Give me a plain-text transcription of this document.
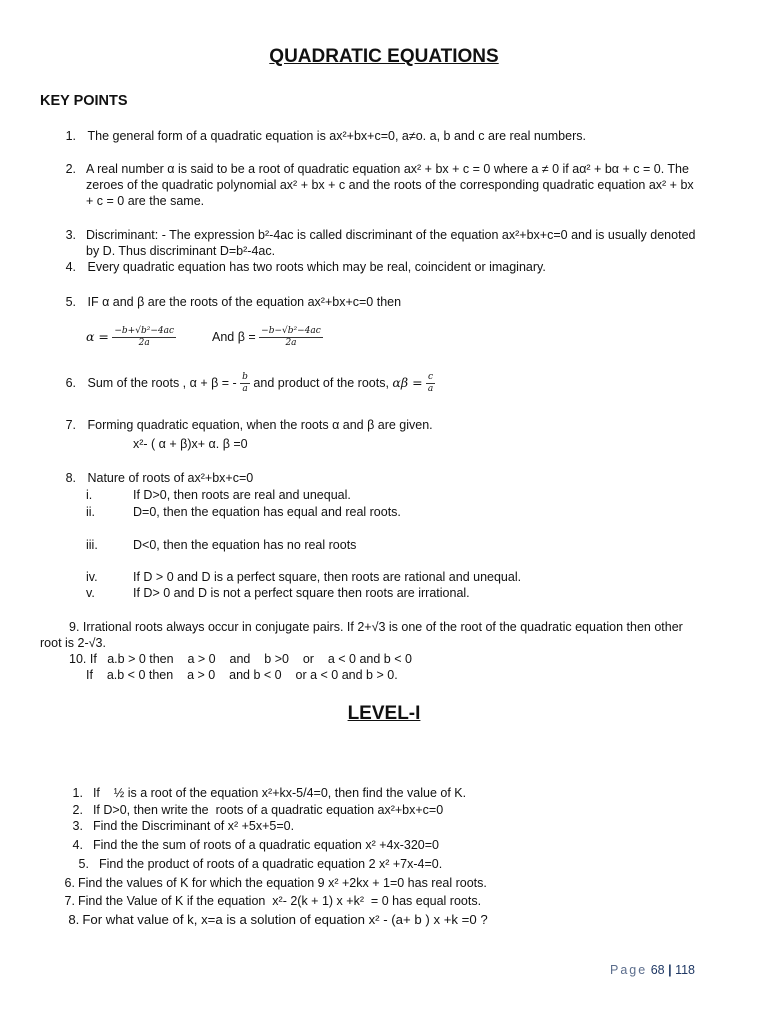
QUADRATIC EQUATIONS
KEY POINTS
1. The general form of a quadratic equation is ax²+bx+c=0, a≠o. a, b and c are real numbers.
2. A real number α is said to be a root of quadratic equation ax² + bx + c = 0 where a ≠ 0 if aα² + bα + c = 0. The
zeroes of the quadratic polynomial ax² + bx + c and the roots of the corresponding quadratic equation ax² + bx
+ c = 0 are the same.
3. Discriminant: - The expression b²-4ac is called discriminant of the equation ax²+bx+c=0 and is usually denoted
by D. Thus discriminant D=b²-4ac.
4. Every quadratic equation has two roots which may be real, coincident or imaginary.
5. IF α and β are the roots of the equation ax²+bx+c=0 then
$\alpha = \frac{\text{−b+√b²−4ac}}{2a}$	And $\beta = \frac{\text{−b−√b²−4ac}}{2a}$
6. Sum of the roots , α + β = - $\frac{b}{a}$ and product of the roots, $\alpha\beta = \frac{c}{a}$
7. Forming quadratic equation, when the roots α and β are given.
x²- ( α + β)x+ α. β =0
8. Nature of roots of ax²+bx+c=0
i.	If D>0, then roots are real and unequal.
ii.	D=0, then the equation has equal and real roots.
iii.	D<0, then the equation has no real roots
iv.	If D > 0 and D is a perfect square, then roots are rational and unequal.
v.	If D> 0 and D is not a perfect square then roots are irrational.
9. Irrational roots always occur in conjugate pairs. If 2+√3 is one of the root of the quadratic equation then other
root is 2-√3.
10. If   a.b > 0 then    a > 0    and    b >0    or    a < 0 and b < 0
If    a.b < 0 then    a > 0    and b < 0    or a < 0 and b > 0.
LEVEL-I

1. If    ½ is a root of the equation x²+kx-5/4=0, then find the value of K.

2. If D>0, then write the  roots of a quadratic equation ax²+bx+c=0

3. Find the Discriminant of x² +5x+5=0.

4. Find the the sum of roots of a quadratic equation x² +4x-320=0

5. Find the product of roots of a quadratic equation 2 x² +7x-4=0.

6. Find the values of K for which the equation 9 x² +2kx + 1=0 has real roots.

7. Find the Value of K if the equation  x²- 2(k + 1) x +k²  = 0 has equal roots.

8. For what value of k, x=a is a solution of equation x² - (a+ b ) x +k =0 ?

Page 68 | 118
